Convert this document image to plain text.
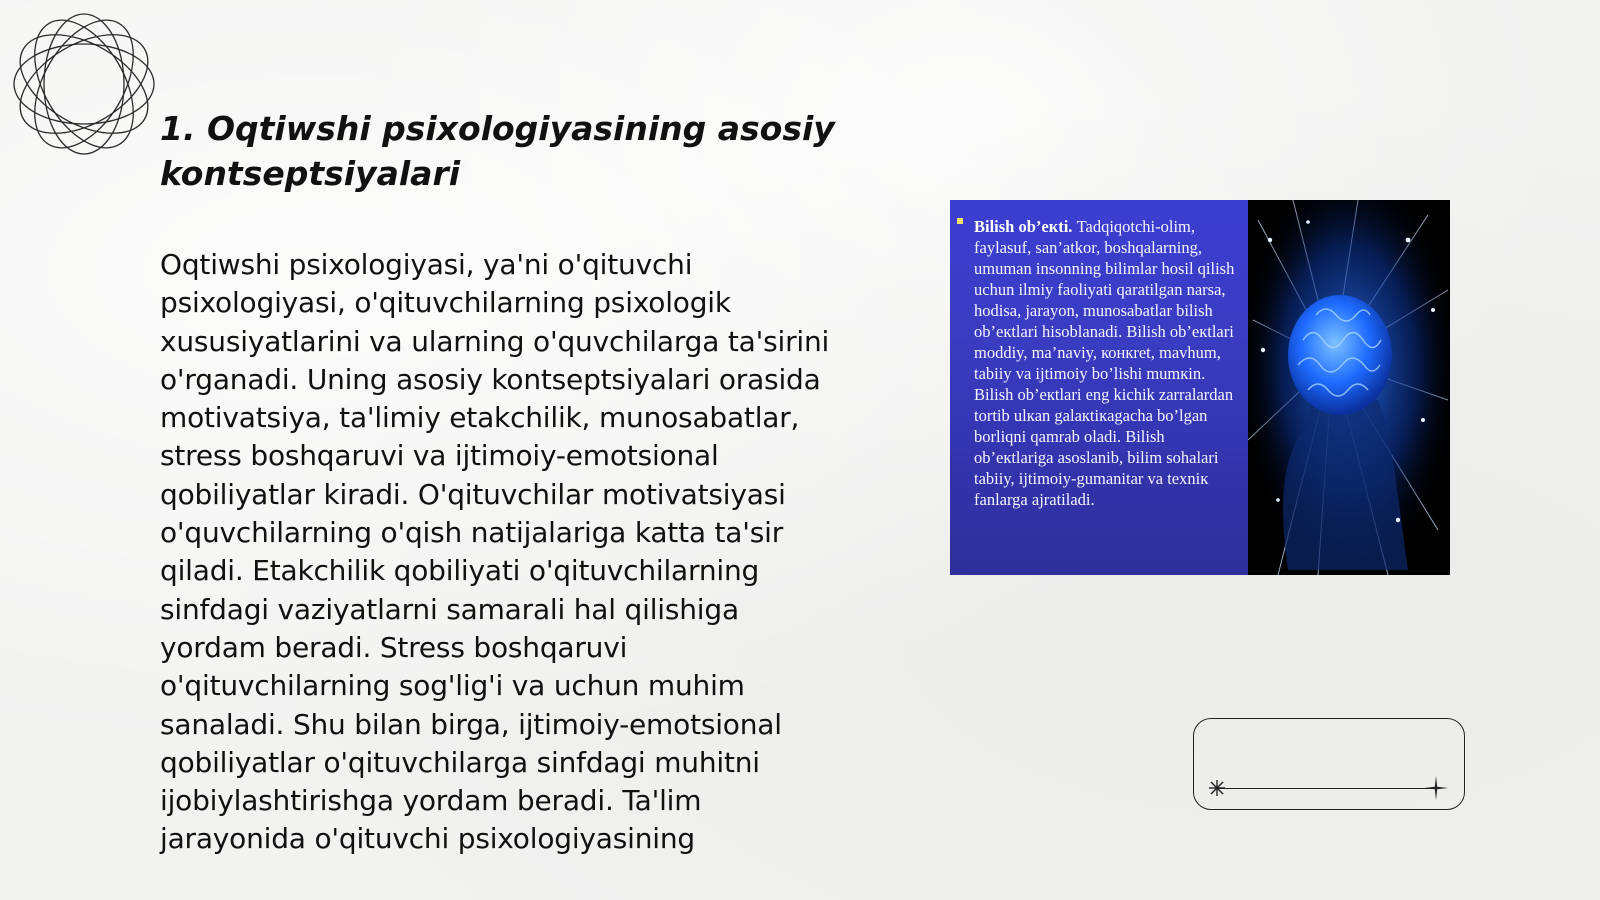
1. Oqtiwshi psixologiyasining asosiy kontseptsiyalari

Oqtiwshi psixologiyasi, ya'ni o'qituvchi psixologiyasi, o'qituvchilarning psixologik xususiyatlarini va ularning o'quvchilarga ta'sirini o'rganadi. Uning asosiy kontseptsiyalari orasida motivatsiya, ta'limiy etakchilik, munosabatlar, stress boshqaruvi va ijtimoiy-emotsional qobiliyatlar kiradi. O'qituvchilar motivatsiyasi o'quvchilarning o'qish natijalariga katta ta'sir qiladi. Etakchilik qobiliyati o'qituvchilarning sinfdagi vaziyatlarni samarali hal qilishiga yordam beradi. Stress boshqaruvi o'qituvchilarning sog'lig'i va uchun muhim sanaladi. Shu bilan birga, ijtimoiy-emotsional qobiliyatlar o'qituvchilarga sinfdagi muhitni ijobiylashtirishga yordam beradi. Ta'lim jarayonida o'qituvchi psixologiyasining

Bilish ob’екtі. Tadqiqotchi-olim, faylasuf, san’atkor, boshqalarning, umuman insonning bilimlar hosil qilish uchun ilmiy faoliyati qaratilgan narsa, hodisa, jarayon, munosabatlar bilish ob’екtlari hisoblanadi. Bilish ob’екtlari moddiy, ma’naviy, конкret, mavhum, tabiiy va ijtimoiy bo’lishi mumкin. Bilish ob’екtlari eng kichik zarralardan tortib ulкan galaкtiкagacha bo’lgan borliqni qamrab oladi. Bilish ob’екtlariga asoslanib, bilim sohalari tabiiy, ijtimoiy-gumanitar va texniк fanlarga ajratiladi.
